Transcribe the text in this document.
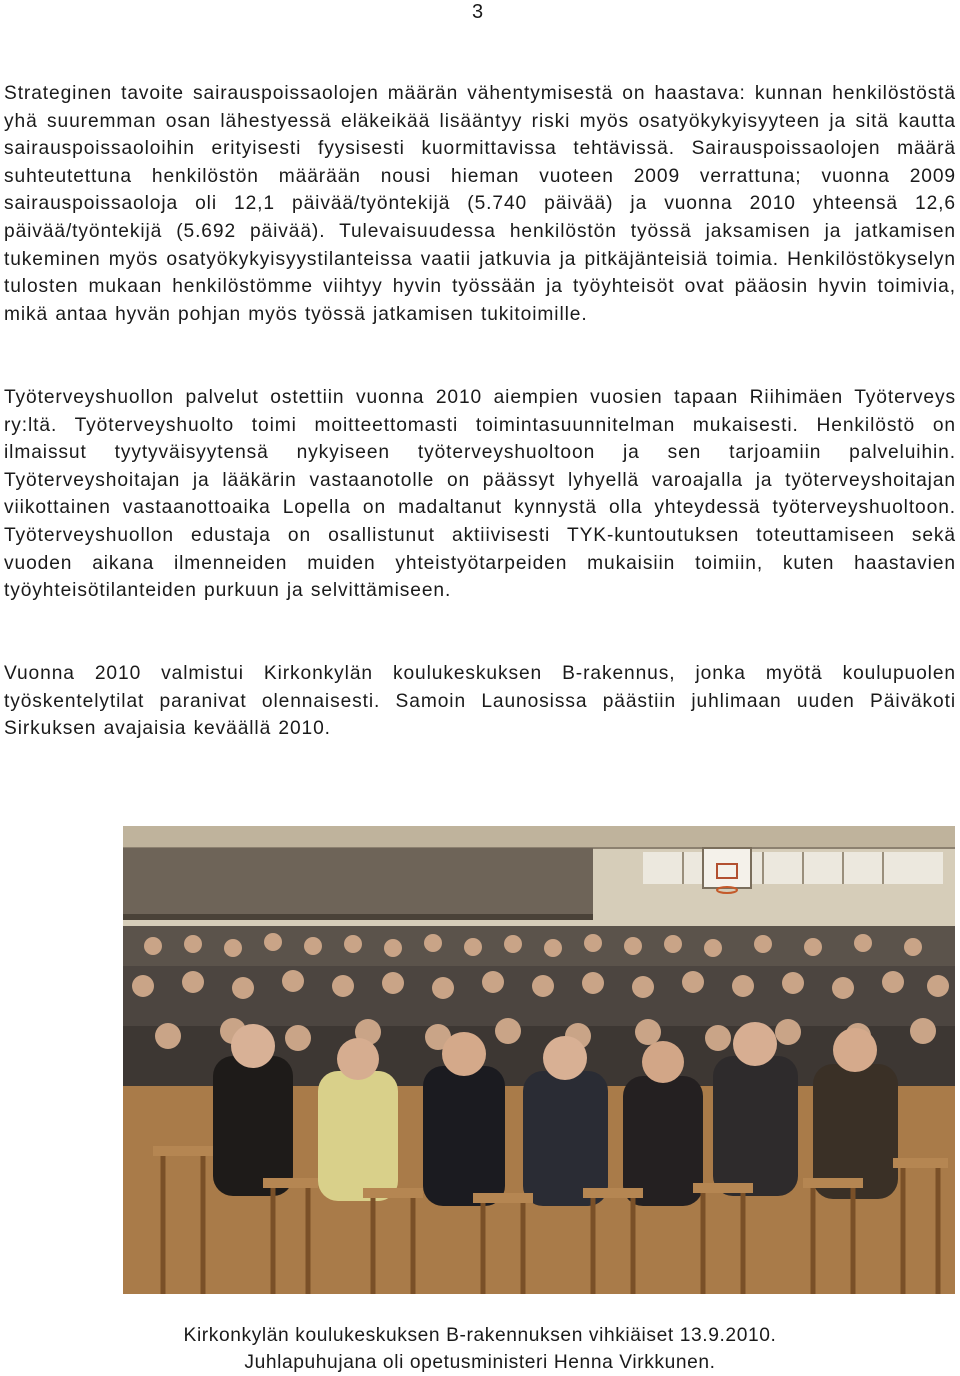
3

Strateginen tavoite sairauspoissaolojen määrän vähentymisestä on haastava: kunnan henkilöstöstä yhä suuremman osan lähestyessä eläkeikää lisääntyy riski myös osatyökykyisyyteen ja sitä kautta sairauspoissaoloihin erityisesti fyysisesti kuormittavissa tehtävissä. Sairauspoissaolojen määrä suhteutettuna henkilöstön määrään nousi hieman vuoteen 2009 verrattuna; vuonna 2009 sairauspoissaoloja oli 12,1 päivää/työntekijä (5.740 päivää) ja vuonna 2010 yhteensä 12,6 päivää/työntekijä (5.692 päivää). Tulevaisuudessa henkilöstön työssä jaksamisen ja jatkamisen tukeminen myös osatyökykyisyystilanteissa vaatii jatkuvia ja pitkäjänteisiä toimia. Henkilöstökyselyn tulosten mukaan henkilöstömme viihtyy hyvin työssään ja työyhteisöt ovat pääosin hyvin toimivia, mikä antaa hyvän pohjan myös työssä jatkamisen tukitoimille.

Työterveyshuollon palvelut ostettiin vuonna 2010 aiempien vuosien tapaan Riihimäen Työterveys ry:ltä. Työterveyshuolto toimi moitteettomasti toimintasuunnitelman mukaisesti. Henkilöstö on ilmaissut tyytyväisyytensä nykyiseen työterveyshuoltoon ja sen tarjoamiin palveluihin. Työterveyshoitajan ja lääkärin vastaanotolle on päässyt lyhyellä varoajalla ja työterveyshoitajan viikottainen vastaanottoaika Lopella on madaltanut kynnystä olla yhteydessä työterveyshuoltoon. Työterveyshuollon edustaja on osallistunut aktiivisesti TYK-kuntoutuksen toteuttamiseen sekä vuoden aikana ilmenneiden muiden yhteistyötarpeiden mukaisiin toimiin, kuten haastavien työyhteisötilanteiden purkuun ja selvittämiseen.

Vuonna 2010 valmistui Kirkonkylän koulukeskuksen B-rakennus, jonka myötä koulupuolen työskentelytilat paranivat olennaisesti. Samoin Launosissa päästiin juhlimaan uuden Päiväkoti Sirkuksen avajaisia keväällä 2010.

Kirkonkylän koulukeskuksen B-rakennuksen vihkiäiset 13.9.2010.
Juhlapuhujana oli opetusministeri Henna Virkkunen.
